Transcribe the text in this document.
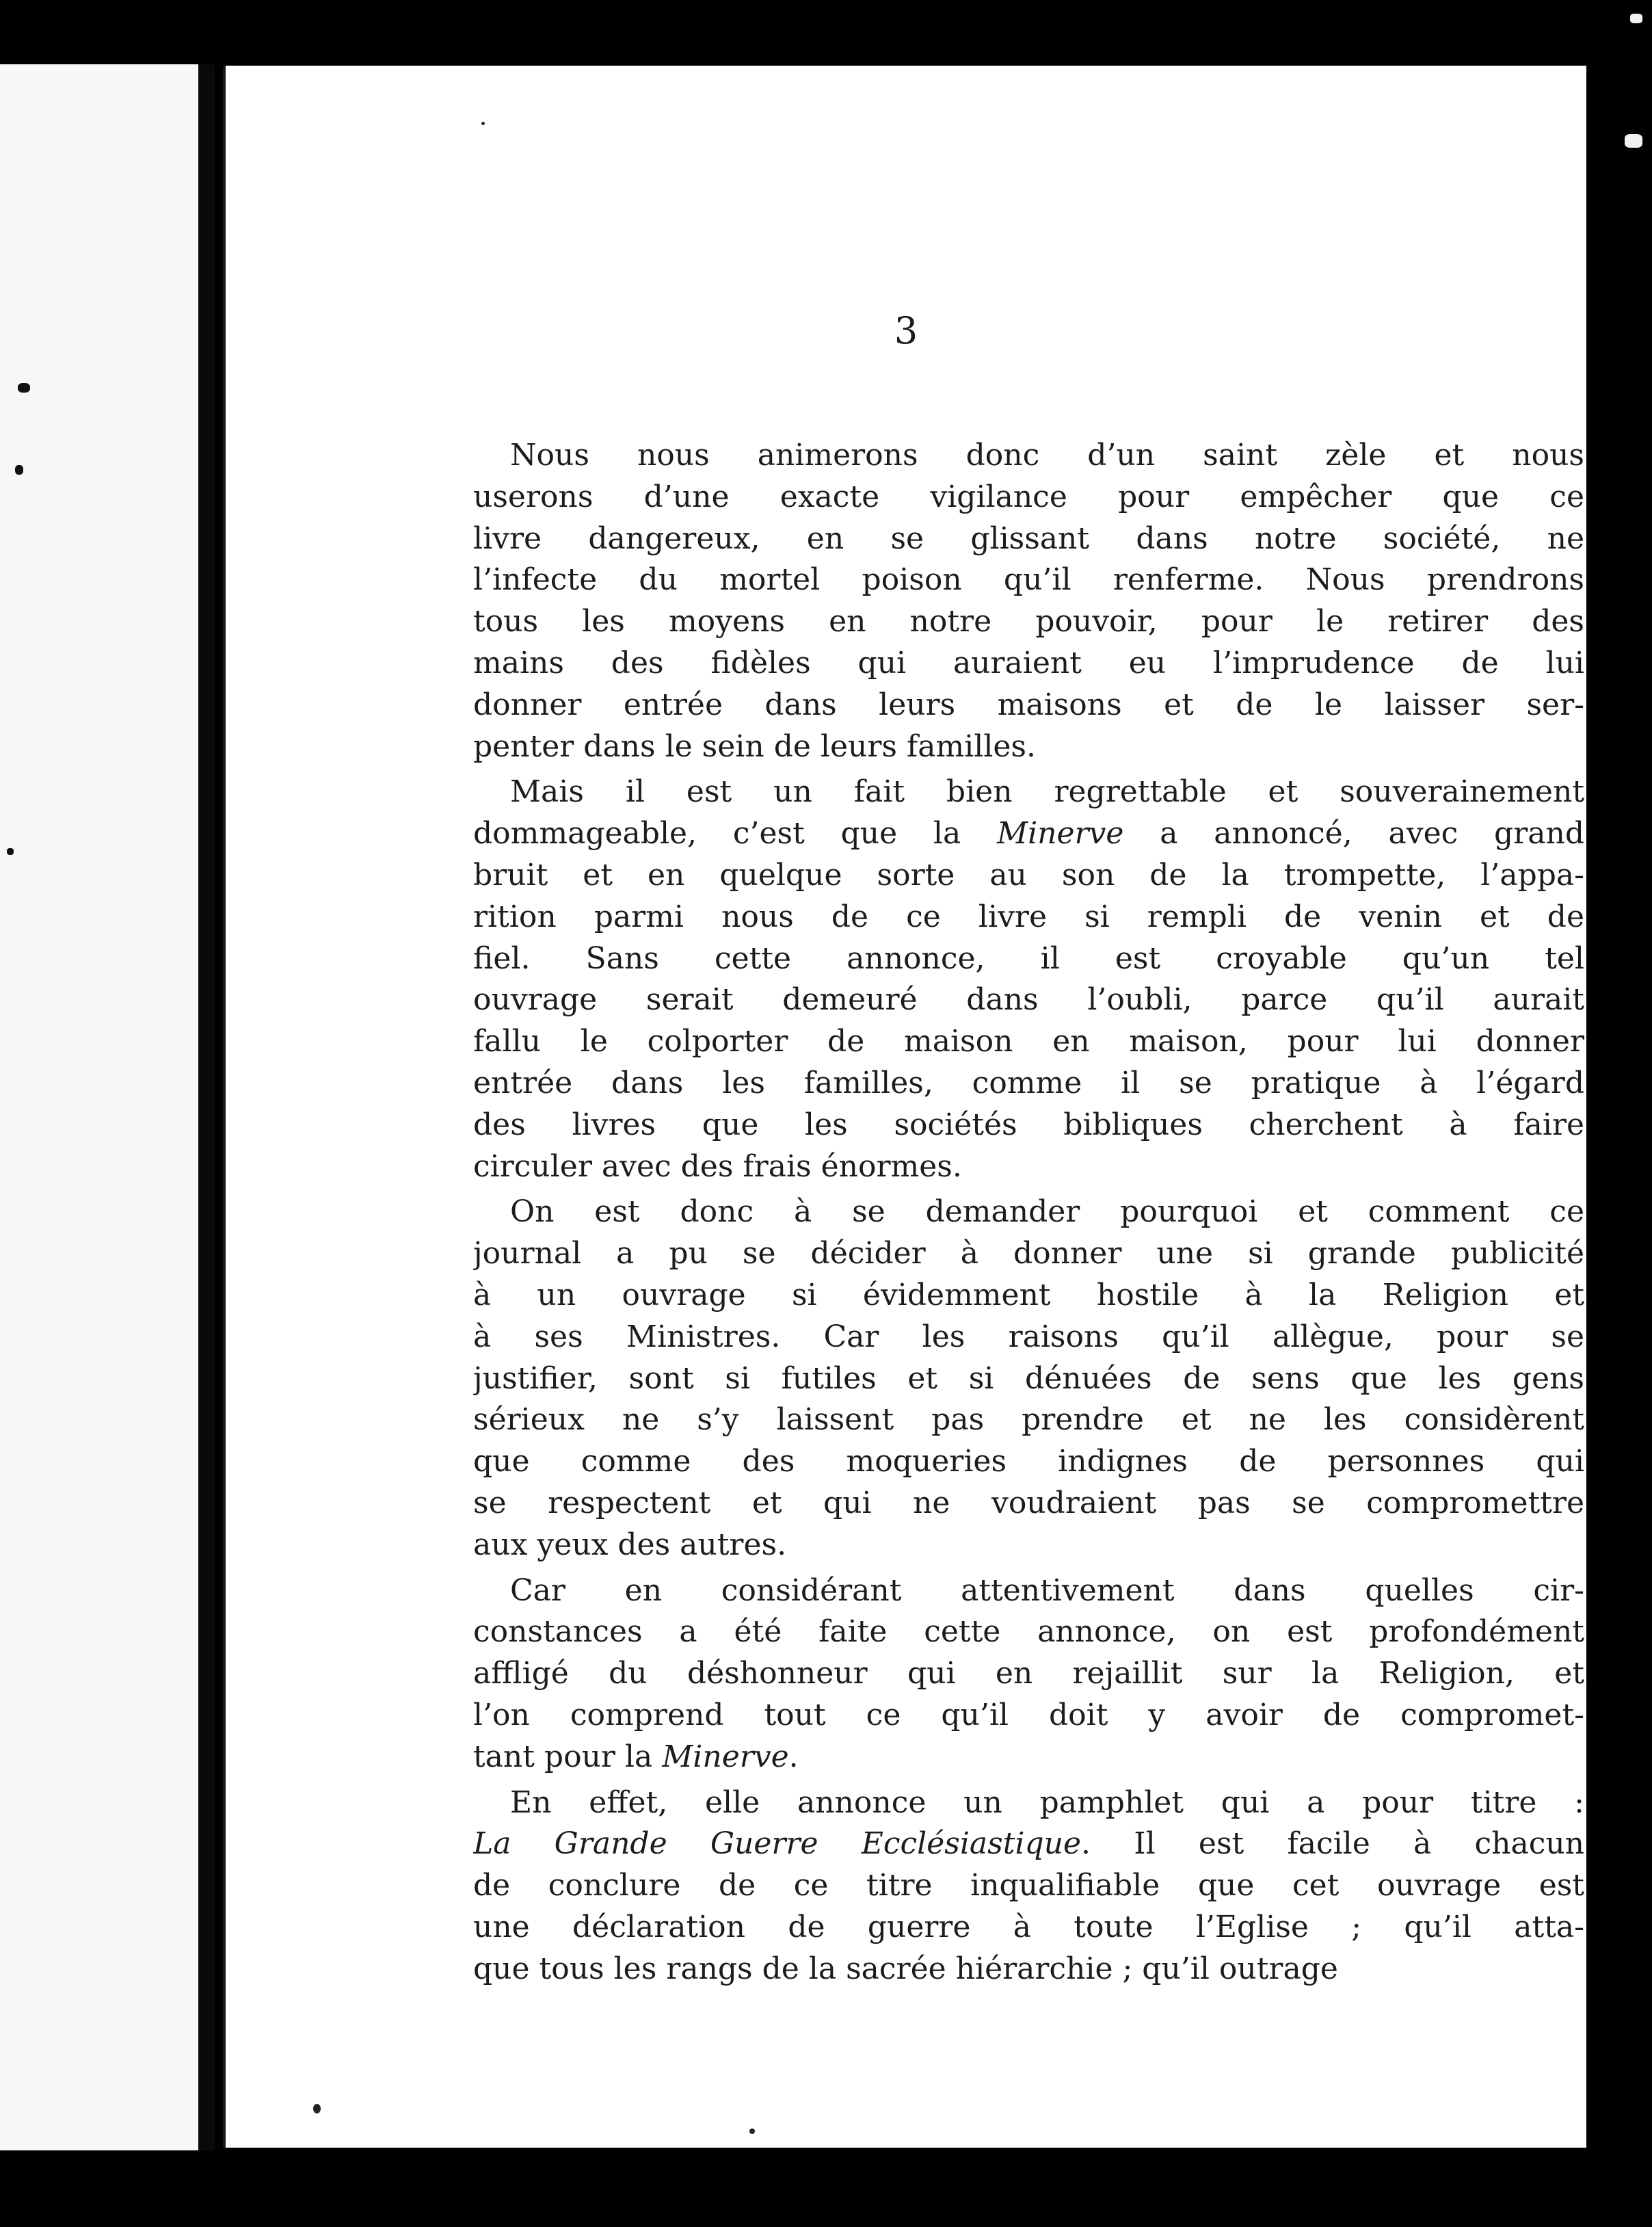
3
Nous nous animerons donc d’un saint zèle et nous
userons d’une exacte vigilance pour empêcher que ce
livre dangereux, en se glissant dans notre société, ne
l’infecte du mortel poison qu’il renferme. Nous prendrons
tous les moyens en notre pouvoir, pour le retirer des
mains des fidèles qui auraient eu l’imprudence de lui
donner entrée dans leurs maisons et de le laisser ser-
penter dans le sein de leurs familles.
Mais il est un fait bien regrettable et souverainement
dommageable, c’est que la Minerve a annoncé, avec grand
bruit et en quelque sorte au son de la trompette, l’appa-
rition parmi nous de ce livre si rempli de venin et de
fiel. Sans cette annonce, il est croyable qu’un tel
ouvrage serait demeuré dans l’oubli, parce qu’il aurait
fallu le colporter de maison en maison, pour lui donner
entrée dans les familles, comme il se pratique à l’égard
des livres que les sociétés bibliques cherchent à faire
circuler avec des frais énormes.
On est donc à se demander pourquoi et comment ce
journal a pu se décider à donner une si grande publicité
à un ouvrage si évidemment hostile à la Religion et
à ses Ministres. Car les raisons qu’il allègue, pour se
justifier, sont si futiles et si dénuées de sens que les gens
sérieux ne s’y laissent pas prendre et ne les considèrent
que comme des moqueries indignes de personnes qui
se respectent et qui ne voudraient pas se compromettre
aux yeux des autres.
Car en considérant attentivement dans quelles cir-
constances a été faite cette annonce, on est profondément
affligé du déshonneur qui en rejaillit sur la Religion, et
l’on comprend tout ce qu’il doit y avoir de compromet-
tant pour la Minerve.
En effet, elle annonce un pamphlet qui a pour titre :
La Grande Guerre Ecclésiastique. Il est facile à chacun
de conclure de ce titre inqualifiable que cet ouvrage est
une déclaration de guerre à toute l’Eglise ; qu’il atta-
que tous les rangs de la sacrée hiérarchie ; qu’il outrage
